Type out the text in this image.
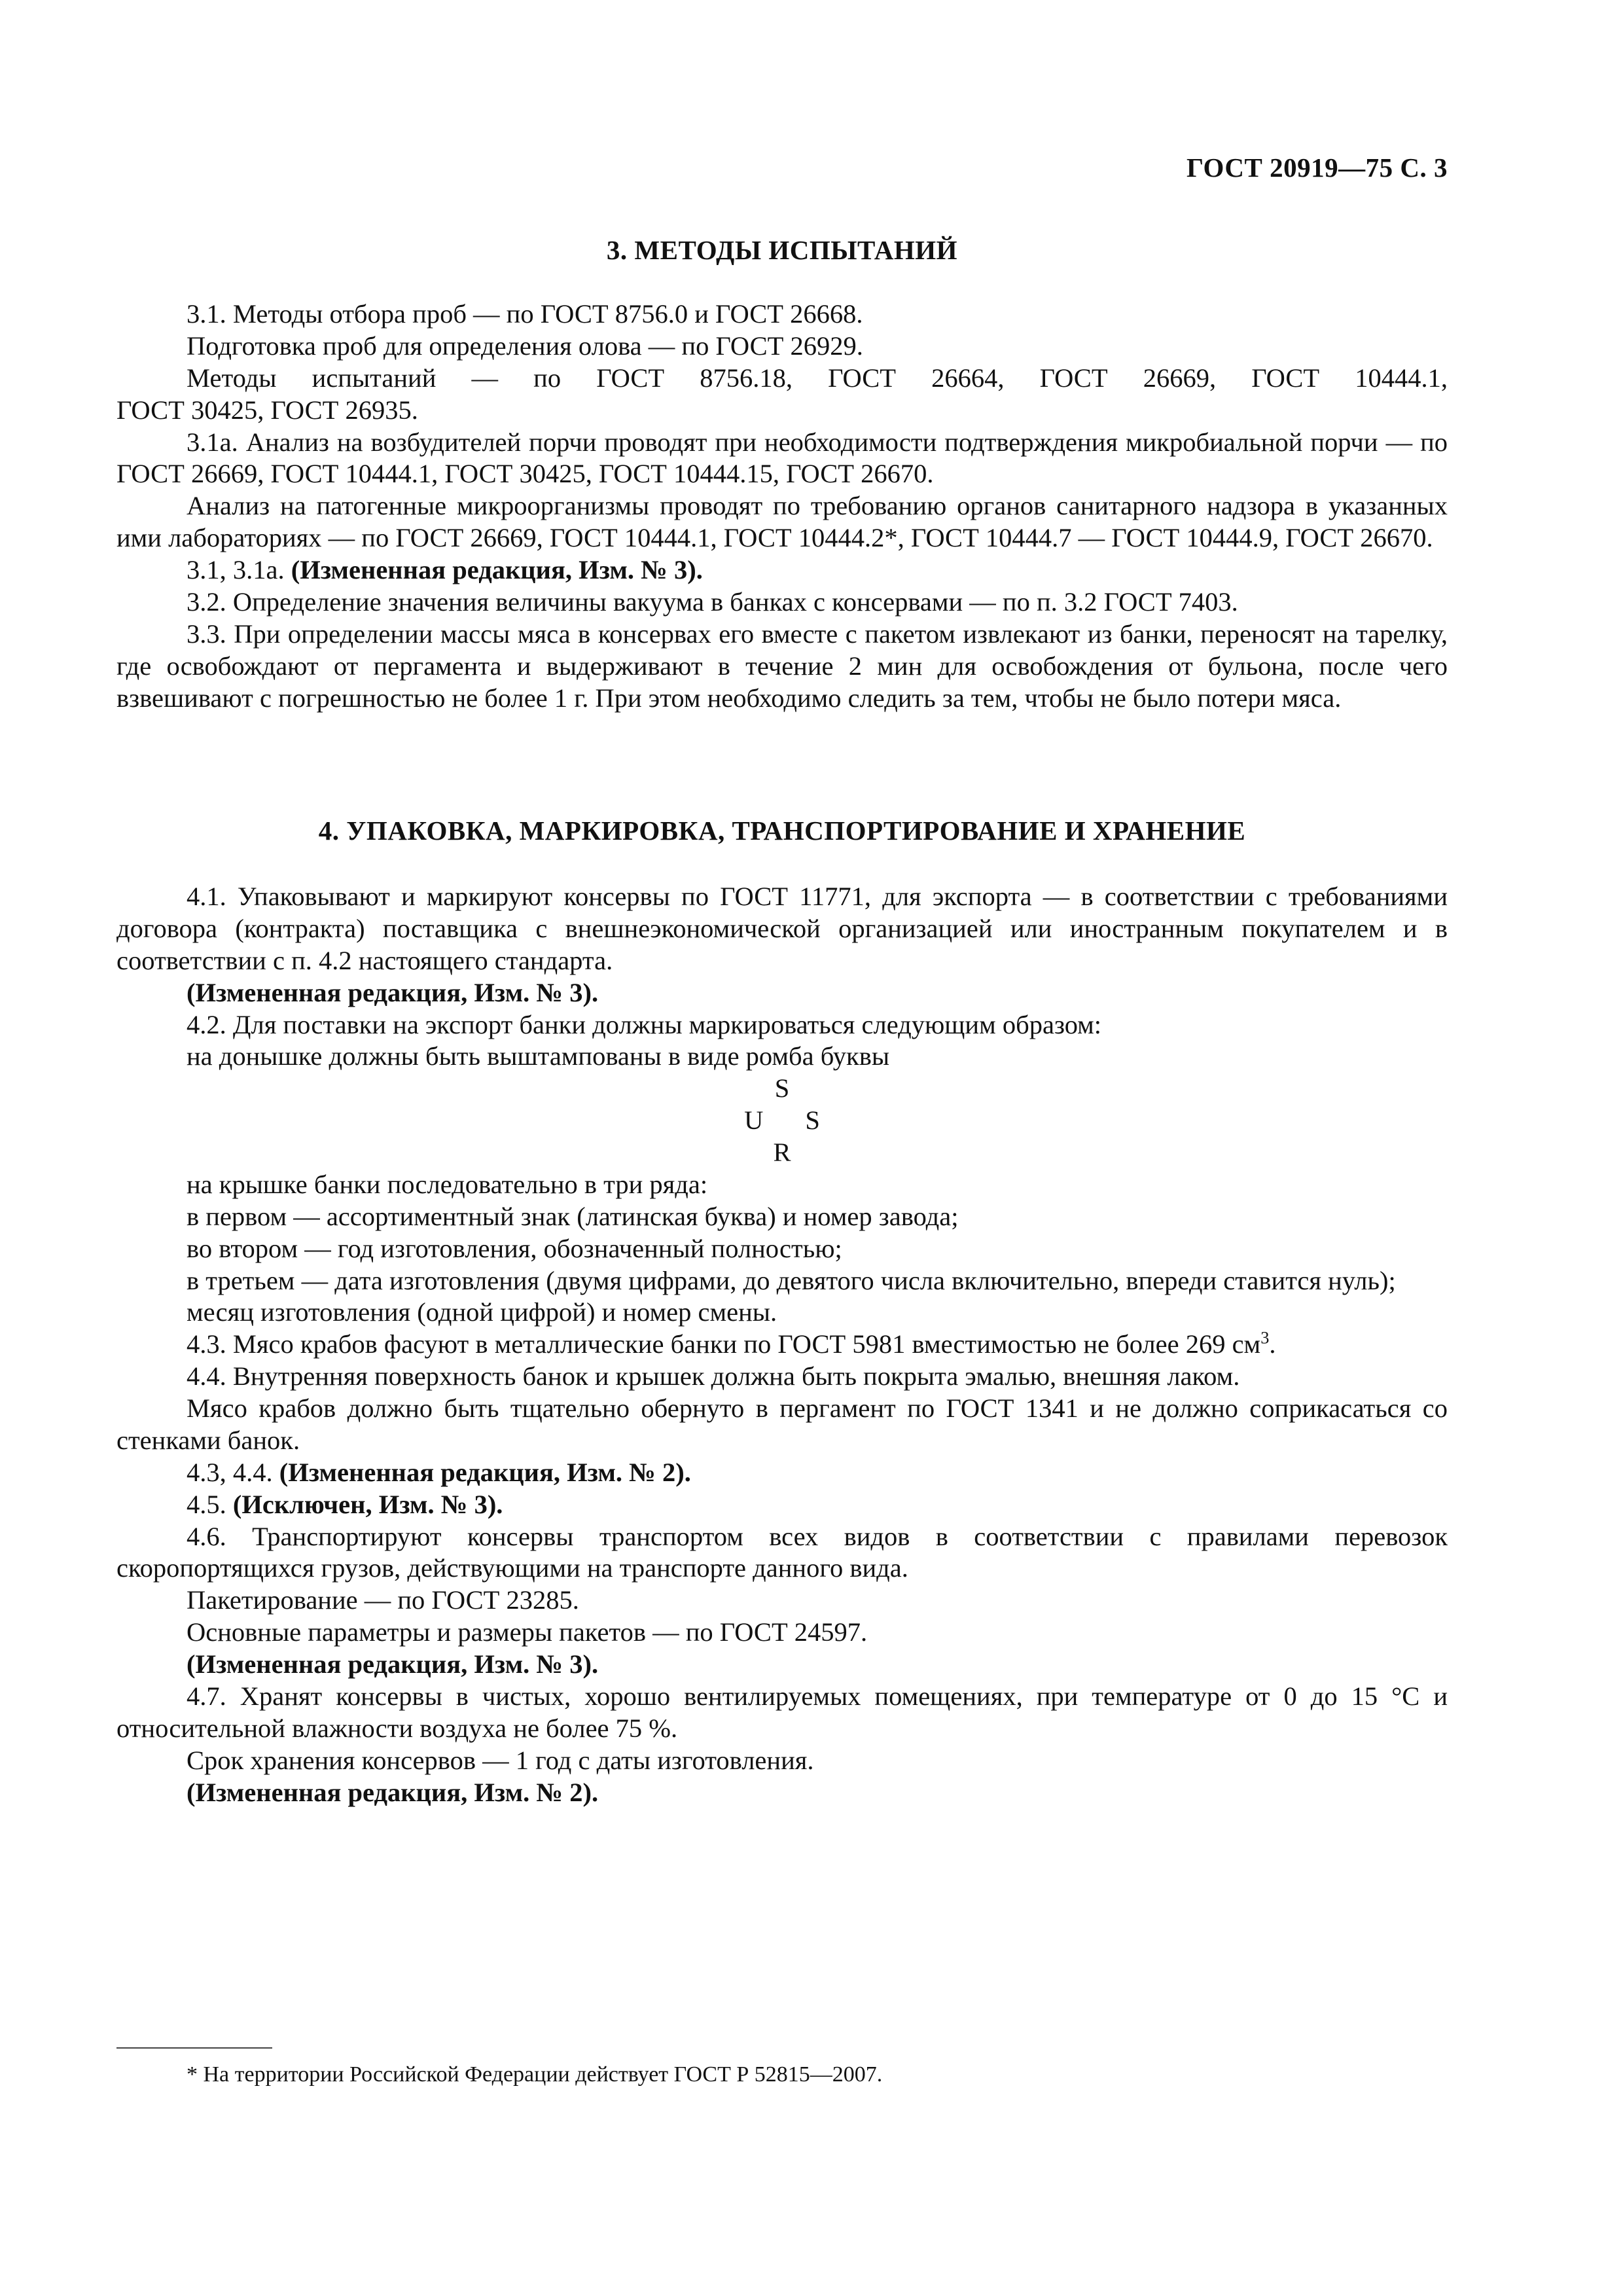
ГОСТ 20919—75 С. 3
3. МЕТОДЫ ИСПЫТАНИЙ

3.1. Методы отбора проб — по ГОСТ 8756.0 и ГОСТ 26668.

Подготовка проб для определения олова — по ГОСТ 26929.

Методы испытаний — по ГОСТ 8756.18, ГОСТ 26664, ГОСТ 26669, ГОСТ 10444.1,

ГОСТ 30425, ГОСТ 26935.

3.1а. Анализ на возбудителей порчи проводят при необходимости подтверждения микробиальной порчи — по ГОСТ 26669, ГОСТ 10444.1, ГОСТ 30425, ГОСТ 10444.15, ГОСТ 26670.

Анализ на патогенные микроорганизмы проводят по требованию органов санитарного надзора в указанных ими лабораториях — по ГОСТ 26669, ГОСТ 10444.1, ГОСТ 10444.2*, ГОСТ 10444.7 — ГОСТ 10444.9, ГОСТ 26670.

3.1, 3.1а. (Измененная редакция, Изм. № 3).

3.2. Определение значения величины вакуума в банках с консервами — по п. 3.2 ГОСТ 7403.

3.3. При определении массы мяса в консервах его вместе с пакетом извлекают из банки, переносят на тарелку, где освобождают от пергамента и выдерживают в течение 2 мин для освобождения от бульона, после чего взвешивают с погрешностью не более 1 г. При этом необходимо следить за тем, чтобы не было потери мяса.

4. УПАКОВКА, МАРКИРОВКА, ТРАНСПОРТИРОВАНИЕ И ХРАНЕНИЕ

4.1. Упаковывают и маркируют консервы по ГОСТ 11771, для экспорта — в соответствии с требованиями договора (контракта) поставщика с внешнеэкономической организацией или иностранным покупателем и в соответствии с п. 4.2 настоящего стандарта.

(Измененная редакция, Изм. № 3).

4.2. Для поставки на экспорт банки должны маркироваться следующим образом:

на донышке должны быть выштампованы в виде ромба буквы

S
U S
R

на крышке банки последовательно в три ряда:

в первом — ассортиментный знак (латинская буква) и номер завода;

во втором — год изготовления, обозначенный полностью;

в третьем — дата изготовления (двумя цифрами, до девятого числа включительно, впереди ставится нуль);

месяц изготовления (одной цифрой) и номер смены.

4.3. Мясо крабов фасуют в металлические банки по ГОСТ 5981 вместимостью не более 269 $см^3$.

4.4. Внутренняя поверхность банок и крышек должна быть покрыта эмалью, внешняя лаком.

Мясо крабов должно быть тщательно обернуто в пергамент по ГОСТ 1341 и не должно соприкасаться со стенками банок.

4.3, 4.4. (Измененная редакция, Изм. № 2).

4.5. (Исключен, Изм. № 3).

4.6. Транспортируют консервы транспортом всех видов в соответствии с правилами перевозок скоропортящихся грузов, действующими на транспорте данного вида.

Пакетирование — по ГОСТ 23285.

Основные параметры и размеры пакетов — по ГОСТ 24597.

(Измененная редакция, Изм. № 3).

4.7. Хранят консервы в чистых, хорошо вентилируемых помещениях, при температуре от 0 до 15 °С и относительной влажности воздуха не более 75 %.

Срок хранения консервов — 1 год с даты изготовления.

(Измененная редакция, Изм. № 2).

* На территории Российской Федерации действует ГОСТ Р 52815—2007.
